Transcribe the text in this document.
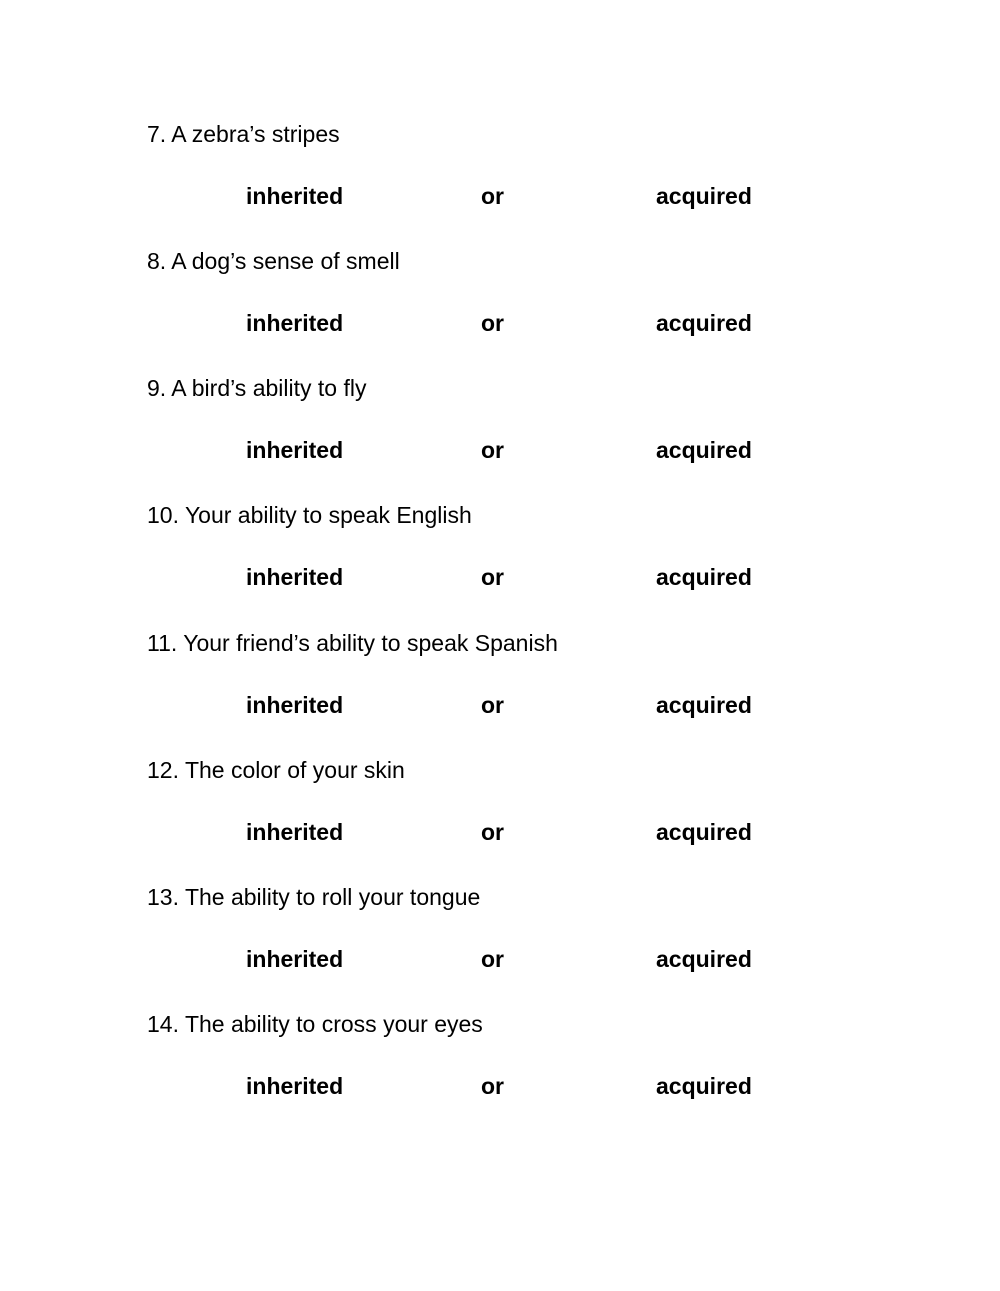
7. A zebra’s stripes
inherited	or	acquired
8. A dog’s sense of smell
inherited	or	acquired
9. A bird’s ability to fly
inherited	or	acquired
10. Your ability to speak English
inherited	or	acquired
11. Your friend’s ability to speak Spanish
inherited	or	acquired
12. The color of your skin
inherited	or	acquired
13. The ability to roll your tongue
inherited	or	acquired
14. The ability to cross your eyes
inherited	or	acquired
